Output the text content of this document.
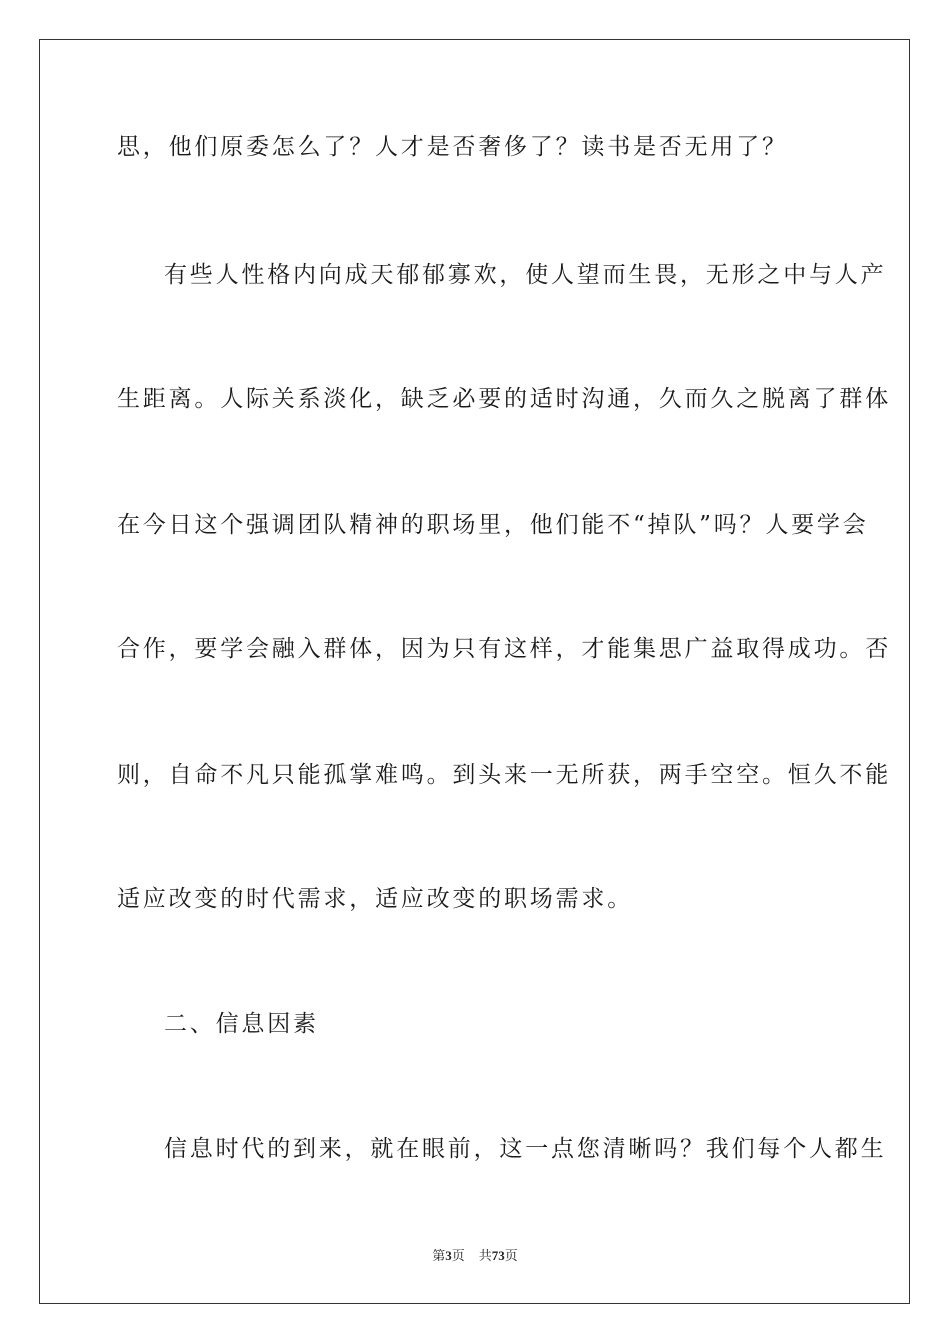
思，他们原委怎么了？人才是否奢侈了？读书是否无用了？
有些人性格内向成天郁郁寡欢，使人望而生畏，无形之中与人产
生距离。人际关系淡化，缺乏必要的适时沟通，久而久之脱离了群体
在今日这个强调团队精神的职场里，他们能不“掉队”吗？人要学会
合作，要学会融入群体，因为只有这样，才能集思广益取得成功。否
则，自命不凡只能孤掌难鸣。到头来一无所获，两手空空。恒久不能
适应改变的时代需求，适应改变的职场需求。
二、信息因素
信息时代的到来，就在眼前，这一点您清晰吗？我们每个人都生
第3页 共73页
